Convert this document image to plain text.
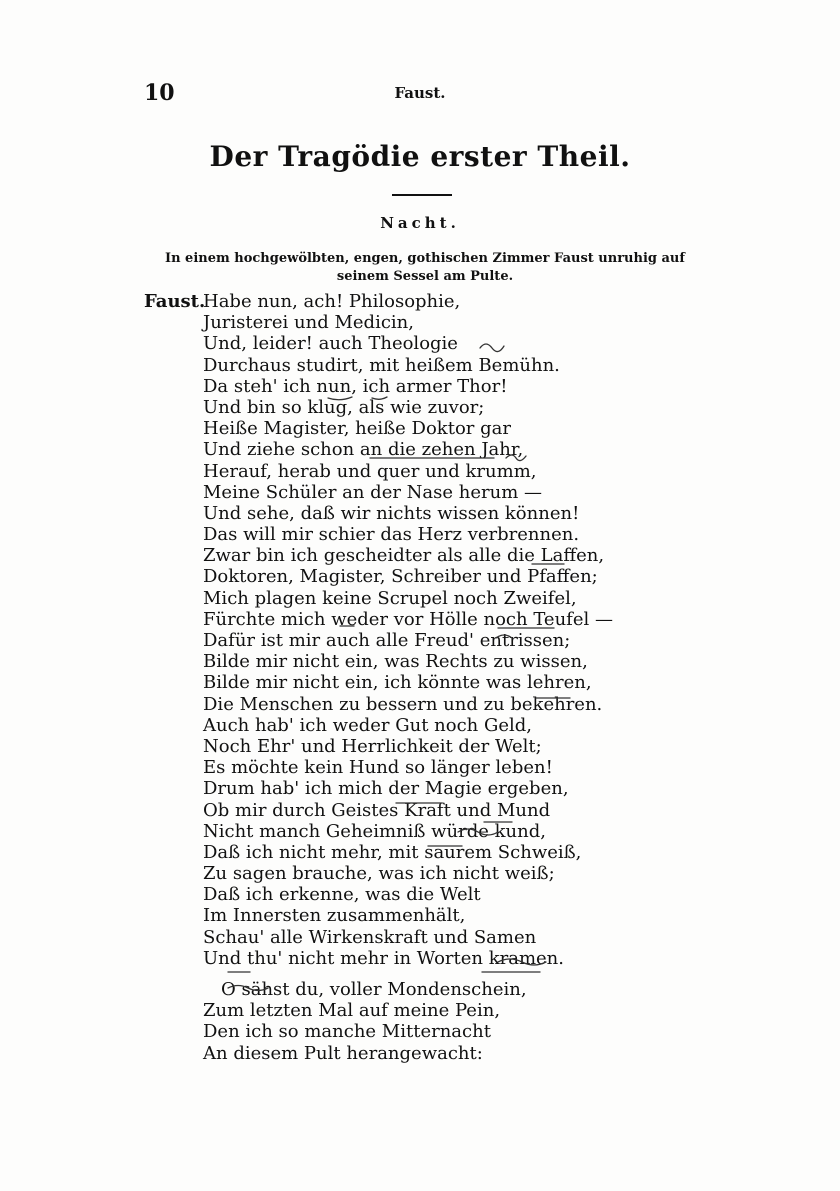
10	Faust.
Der Tragödie erster Theil.
Nacht.
In einem hochgewölbten, engen, gothischen Zimmer Faust unruhig auf seinem Sessel am Pulte.
Faust.
Habe nun, ach! Philosophie,
Juristerei und Medicin,
Und, leider! auch Theologie
Durchaus studirt, mit heißem Bemühn.
Da steh' ich nun, ich armer Thor!
Und bin so klug, als wie zuvor;
Heiße Magister, heiße Doktor gar
Und ziehe schon an die zehen Jahr,
Herauf, herab und quer und krumm,
Meine Schüler an der Nase herum —
Und sehe, daß wir nichts wissen können!
Das will mir schier das Herz verbrennen.
Zwar bin ich gescheidter als alle die Laffen,
Doktoren, Magister, Schreiber und Pfaffen;
Mich plagen keine Scrupel noch Zweifel,
Fürchte mich weder vor Hölle noch Teufel —
Dafür ist mir auch alle Freud' entrissen;
Bilde mir nicht ein, was Rechts zu wissen,
Bilde mir nicht ein, ich könnte was lehren,
Die Menschen zu bessern und zu bekehren.
Auch hab' ich weder Gut noch Geld,
Noch Ehr' und Herrlichkeit der Welt;
Es möchte kein Hund so länger leben!
Drum hab' ich mich der Magie ergeben,
Ob mir durch Geistes Kraft und Mund
Nicht manch Geheimniß würde kund,
Daß ich nicht mehr, mit saurem Schweiß,
Zu sagen brauche, was ich nicht weiß;
Daß ich erkenne, was die Welt
Im Innersten zusammenhält,
Schau' alle Wirkenskraft und Samen
Und thu' nicht mehr in Worten kramen.
O sähst du, voller Mondenschein,
Zum letzten Mal auf meine Pein,
Den ich so manche Mitternacht
An diesem Pult herangewacht:
